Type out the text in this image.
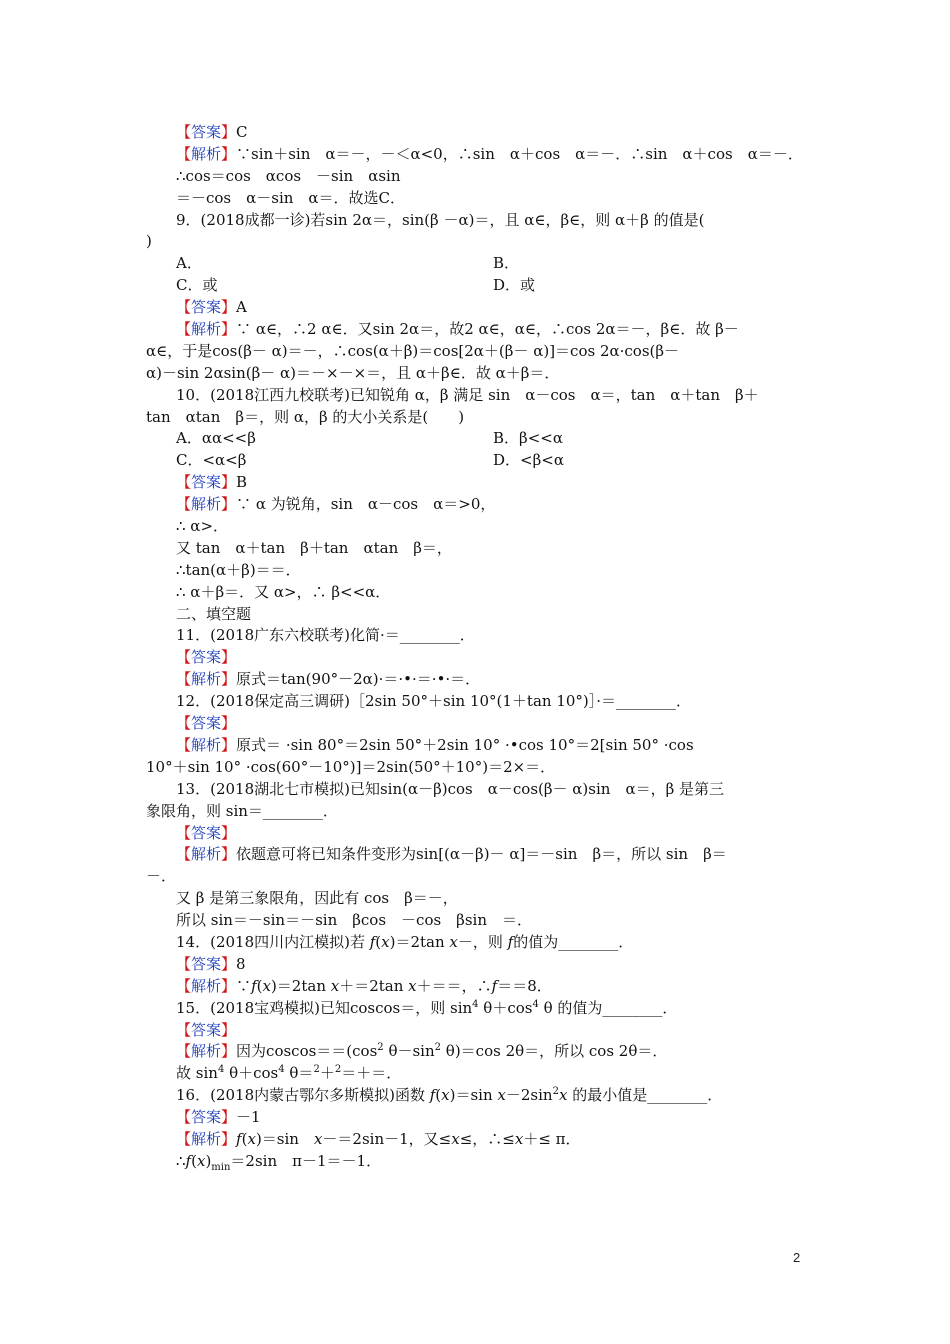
【答案】C
【解析】∵sin＋sin　α＝－，－＜α<0，∴sin　α＋cos　α＝－．∴sin　α＋cos　α＝－．
∴cos＝cos　αcos　－sin　αsin
＝－cos　α－sin　α＝．故选C．
9．(2018成都一诊)若sin 2α＝，sin(β －α)＝，且 α∈，β∈，则 α＋β 的值是(
)
A．	B．
C．或	D．或
【答案】A
【解析】∵ α∈，∴2 α∈．又sin 2α＝，故2 α∈，α∈，∴cos 2α＝－，β∈．故 β－
α∈，于是cos(β－ α)＝－，∴cos(α＋β)＝cos[2α＋(β－ α)]＝cos 2α·cos(β－
α)－sin 2αsin(β－ α)＝－×－×＝，且 α＋β∈．故 α＋β＝．
10．(2018江西九校联考)已知锐角 α，β 满足 sin　α－cos　α＝，tan　α＋tan　β＋
tan　αtan　β＝，则 α，β 的大小关系是(　　)
A．αα<<β	B．β<<α
C．<α<β	D．<β<α
【答案】B
【解析】∵ α 为锐角，sin　α－cos　α＝>0，
∴ α>．
又 tan　α＋tan　β＋tan　αtan　β＝，
∴tan(α＋β)＝＝．
∴ α＋β＝．又 α>，∴ β<<α．
二、填空题
11．(2018广东六校联考)化简·＝________．
【答案】
【解析】原式＝tan(90°－2α)·＝·•·＝·•·＝．
12．(2018保定高三调研)［2sin 50°＋sin 10°(1＋tan 10°)］·＝________．
【答案】
【解析】原式＝ ·sin 80°＝2sin 50°＋2sin 10° ·•cos 10°＝2[sin 50° ·cos
10°＋sin 10° ·cos(60°－10°)]＝2sin(50°＋10°)＝2×＝．
13．(2018湖北七市模拟)已知sin(α－β)cos　α－cos(β－ α)sin　α＝，β 是第三
象限角，则 sin＝________．
【答案】
【解析】依题意可将已知条件变形为sin[(α－β)－ α]＝－sin　β＝，所以 sin　β＝
－．
又 β 是第三象限角，因此有 cos　β＝－，
所以 sin＝－sin＝－sin　βcos　－cos　βsin　＝．
14．(2018四川内江模拟)若 f(x)＝2tan x－，则 f的值为________．
【答案】8
【解析】∵f(x)＝2tan x＋＝2tan x＋＝＝，∴f＝＝8．
15．(2018宝鸡模拟)已知coscos＝，则 $\sin^4 \theta+\cos^4$ θ 的值为________．
【答案】
【解析】因为$coscos==(\cos^2$ $\theta-\sin^2$ θ)＝cos 2θ＝，所以 cos 2θ＝．
故 $\sin^4 \theta+\cos^4$ θ＝$^2$＋$^2$＝＋＝．
16．(2018内蒙古鄂尔多斯模拟)函数 f(x)＝sin $x-2\sin^2x$ 的最小值是________．
【答案】－1
【解析】f(x)＝sin　x－＝2sin－1，又≤x≤，∴≤x＋≤ π．
$\therefore f(x)_{min}=2\sin$　π－1＝－1．
2
